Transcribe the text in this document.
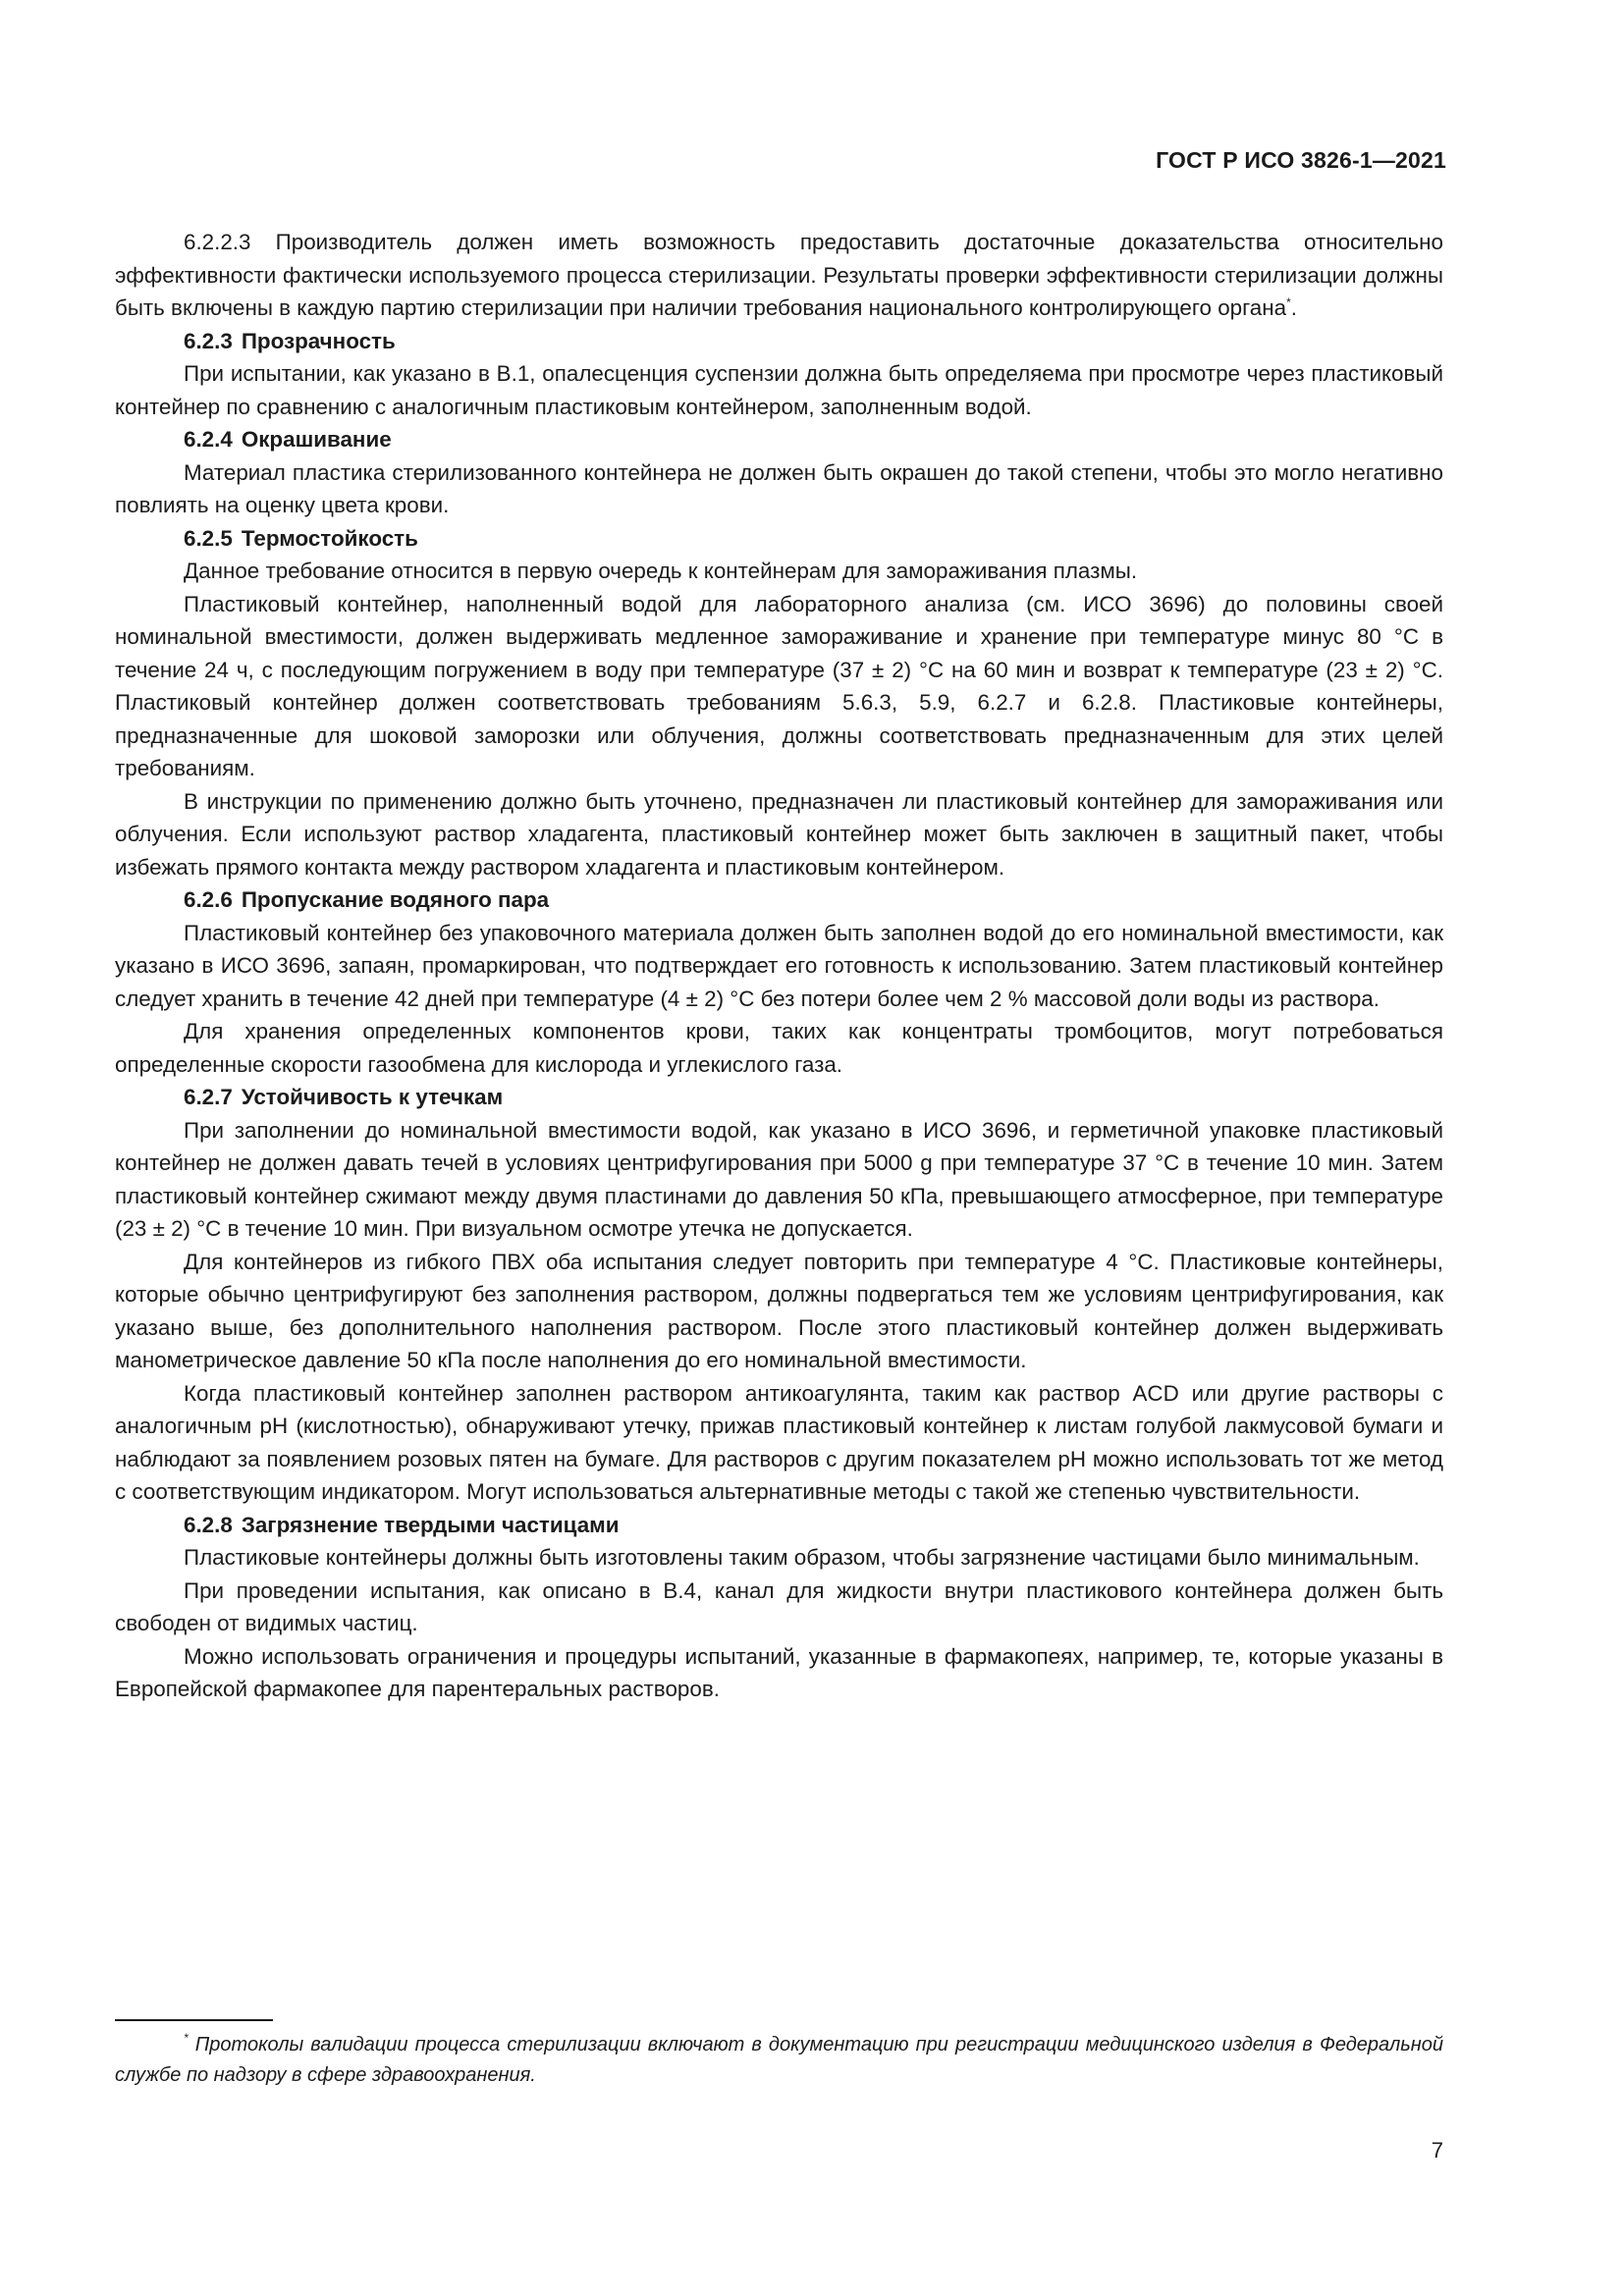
ГОСТ Р ИСО 3826-1—2021

6.2.2.3 Производитель должен иметь возможность предоставить достаточные доказательства относительно эффективности фактически используемого процесса стерилизации. Результаты проверки эффективности стерилизации должны быть включены в каждую партию стерилизации при наличии требования национального контролирующего органа*.

6.2.3 Прозрачность

При испытании, как указано в В.1, опалесценция суспензии должна быть определяема при просмотре через пластиковый контейнер по сравнению с аналогичным пластиковым контейнером, заполненным водой.

6.2.4 Окрашивание

Материал пластика стерилизованного контейнера не должен быть окрашен до такой степени, чтобы это могло негативно повлиять на оценку цвета крови.

6.2.5 Термостойкость

Данное требование относится в первую очередь к контейнерам для замораживания плазмы.

Пластиковый контейнер, наполненный водой для лабораторного анализа (см. ИСО 3696) до половины своей номинальной вместимости, должен выдерживать медленное замораживание и хранение при температуре минус 80 °С в течение 24 ч, с последующим погружением в воду при температуре (37 ± 2) °С на 60 мин и возврат к температуре (23 ± 2) °С. Пластиковый контейнер должен соответствовать требованиям 5.6.3, 5.9, 6.2.7 и 6.2.8. Пластиковые контейнеры, предназначенные для шоковой заморозки или облучения, должны соответствовать предназначенным для этих целей требованиям.

В инструкции по применению должно быть уточнено, предназначен ли пластиковый контейнер для замораживания или облучения. Если используют раствор хладагента, пластиковый контейнер может быть заключен в защитный пакет, чтобы избежать прямого контакта между раствором хладагента и пластиковым контейнером.

6.2.6 Пропускание водяного пара

Пластиковый контейнер без упаковочного материала должен быть заполнен водой до его номинальной вместимости, как указано в ИСО 3696, запаян, промаркирован, что подтверждает его готовность к использованию. Затем пластиковый контейнер следует хранить в течение 42 дней при температуре (4 ± 2) °С без потери более чем 2 % массовой доли воды из раствора.

Для хранения определенных компонентов крови, таких как концентраты тромбоцитов, могут потребоваться определенные скорости газообмена для кислорода и углекислого газа.

6.2.7 Устойчивость к утечкам

При заполнении до номинальной вместимости водой, как указано в ИСО 3696, и герметичной упаковке пластиковый контейнер не должен давать течей в условиях центрифугирования при 5000 g при температуре 37 °С в течение 10 мин. Затем пластиковый контейнер сжимают между двумя пластинами до давления 50 кПа, превышающего атмосферное, при температуре (23 ± 2) °С в течение 10 мин. При визуальном осмотре утечка не допускается.

Для контейнеров из гибкого ПВХ оба испытания следует повторить при температуре 4 °С. Пластиковые контейнеры, которые обычно центрифугируют без заполнения раствором, должны подвергаться тем же условиям центрифугирования, как указано выше, без дополнительного наполнения раствором. После этого пластиковый контейнер должен выдерживать манометрическое давление 50 кПа после наполнения до его номинальной вместимости.

Когда пластиковый контейнер заполнен раствором антикоагулянта, таким как раствор ACD или другие растворы с аналогичным pH (кислотностью), обнаруживают утечку, прижав пластиковый контейнер к листам голубой лакмусовой бумаги и наблюдают за появлением розовых пятен на бумаге. Для растворов с другим показателем pH можно использовать тот же метод с соответствующим индикатором. Могут использоваться альтернативные методы с такой же степенью чувствительности.

6.2.8 Загрязнение твердыми частицами

Пластиковые контейнеры должны быть изготовлены таким образом, чтобы загрязнение частицами было минимальным.

При проведении испытания, как описано в В.4, канал для жидкости внутри пластикового контейнера должен быть свободен от видимых частиц.

Можно использовать ограничения и процедуры испытаний, указанные в фармакопеях, например, те, которые указаны в Европейской фармакопее для парентеральных растворов.

* Протоколы валидации процесса стерилизации включают в документацию при регистрации медицинского изделия в Федеральной службе по надзору в сфере здравоохранения.

7
